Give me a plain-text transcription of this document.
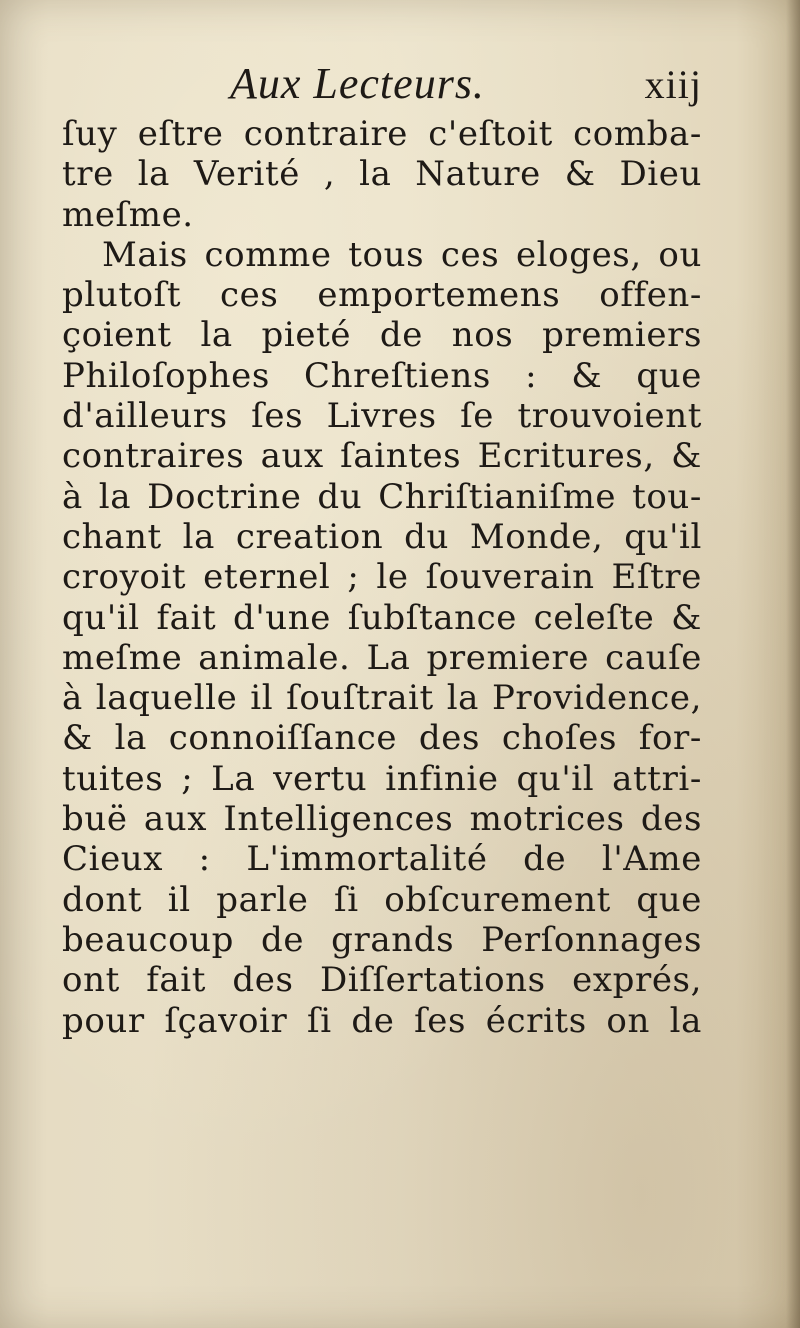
Aux Lecteurs.	xiij
ſuy eſtre contraire c'eſtoit comba-
tre la Verité , la Nature & Dieu
meſme.
Mais comme tous ces eloges, ou
plutoſt ces emportemens offen-
çoient la pieté de nos premiers
Philoſophes Chreſtiens : & que
d'ailleurs ſes Livres ſe trouvoient
contraires aux ſaintes Ecritures, &
à la Doctrine du Chriſtianiſme tou-
chant la creation du Monde, qu'il
croyoit eternel ; le ſouverain Eſtre
qu'il fait d'une ſubſtance celeſte &
meſme animale. La premiere cauſe
à laquelle il ſouſtrait la Providence,
& la connoiſſance des choſes for-
tuites ; La vertu infinie qu'il attri-
buë aux Intelligences motrices des
Cieux : L'immortalité de l'Ame
dont il parle ſi obſcurement que
beaucoup de grands Perſonnages
ont fait des Diſſertations exprés,
pour ſçavoir ſi de ſes écrits on la
